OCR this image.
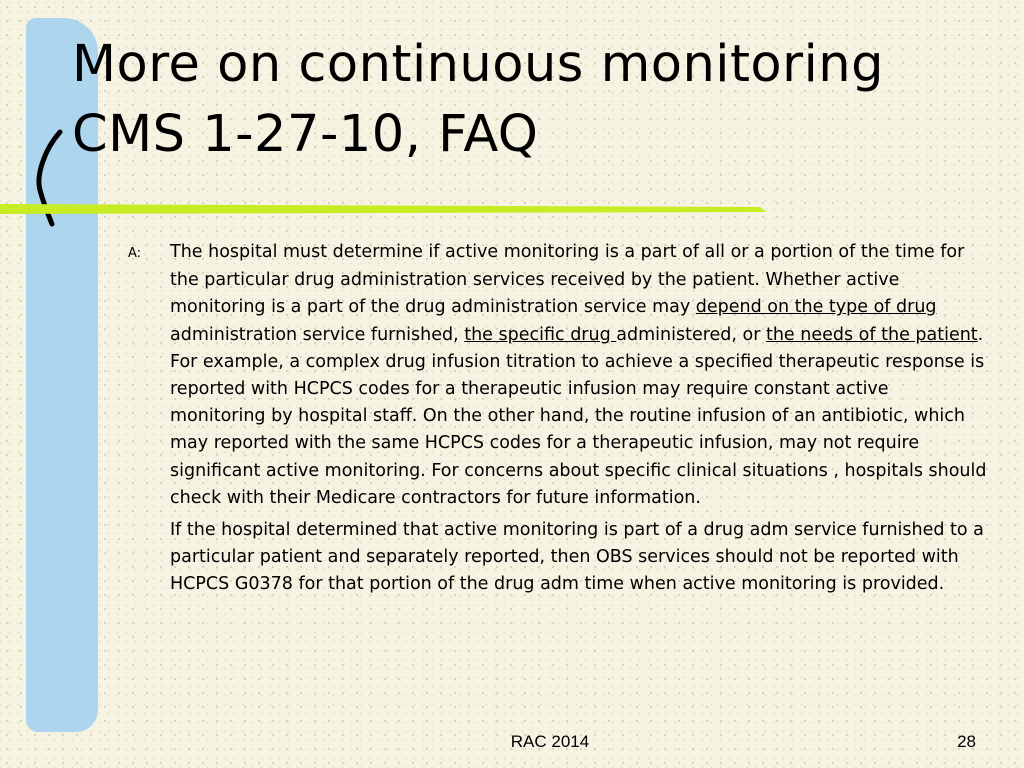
More on continuous monitoring
CMS 1-27-10, FAQ

A: The hospital must determine if active monitoring is a part of all or a portion of the time for the particular drug administration services received by the patient. Whether active monitoring is a part of the drug administration service may depend on the type of drug administration service furnished, the specific drug administered, or the needs of the patient. For example, a complex drug infusion titration to achieve a specified therapeutic response is reported with HCPCS codes for a therapeutic infusion may require constant active monitoring by hospital staff. On the other hand, the routine infusion of an antibiotic, which may reported with the same HCPCS codes for a therapeutic infusion, may not require significant active monitoring. For concerns about specific clinical situations , hospitals should check with their Medicare contractors for future information.

If the hospital determined that active monitoring is part of a drug adm service furnished to a particular patient and separately reported, then OBS services should not be reported with HCPCS G0378 for that portion of the drug adm time when active monitoring is provided.

RAC 2014	28
